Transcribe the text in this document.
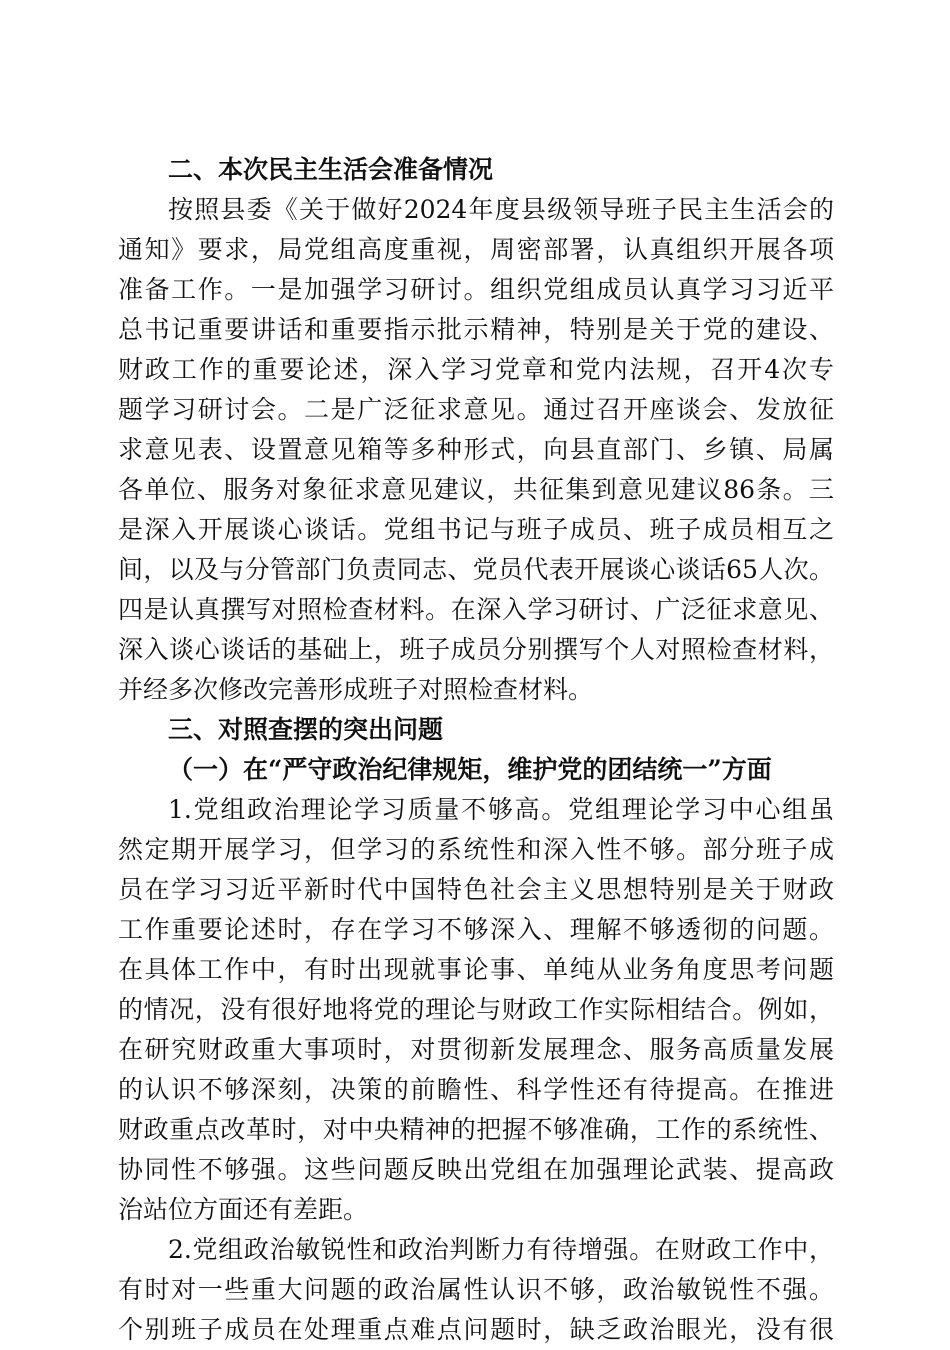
二、本次民主生活会准备情况
按照县委《关于做好2024年度县级领导班子民主生活会的
通知》要求，局党组高度重视，周密部署，认真组织开展各项
准备工作。一是加强学习研讨。组织党组成员认真学习习近平
总书记重要讲话和重要指示批示精神，特别是关于党的建设、
财政工作的重要论述，深入学习党章和党内法规，召开4次专
题学习研讨会。二是广泛征求意见。通过召开座谈会、发放征
求意见表、设置意见箱等多种形式，向县直部门、乡镇、局属
各单位、服务对象征求意见建议，共征集到意见建议86条。三
是深入开展谈心谈话。党组书记与班子成员、班子成员相互之
间，以及与分管部门负责同志、党员代表开展谈心谈话65人次。
四是认真撰写对照检查材料。在深入学习研讨、广泛征求意见、
深入谈心谈话的基础上，班子成员分别撰写个人对照检查材料，
并经多次修改完善形成班子对照检查材料。
三、对照查摆的突出问题
（一）在“严守政治纪律规矩，维护党的团结统一”方面
1.党组政治理论学习质量不够高。党组理论学习中心组虽
然定期开展学习，但学习的系统性和深入性不够。部分班子成
员在学习习近平新时代中国特色社会主义思想特别是关于财政
工作重要论述时，存在学习不够深入、理解不够透彻的问题。
在具体工作中，有时出现就事论事、单纯从业务角度思考问题
的情况，没有很好地将党的理论与财政工作实际相结合。例如，
在研究财政重大事项时，对贯彻新发展理念、服务高质量发展
的认识不够深刻，决策的前瞻性、科学性还有待提高。在推进
财政重点改革时，对中央精神的把握不够准确，工作的系统性、
协同性不够强。这些问题反映出党组在加强理论武装、提高政
治站位方面还有差距。
2.党组政治敏锐性和政治判断力有待增强。在财政工作中，
有时对一些重大问题的政治属性认识不够，政治敏锐性不强。
个别班子成员在处理重点难点问题时，缺乏政治眼光，没有很
